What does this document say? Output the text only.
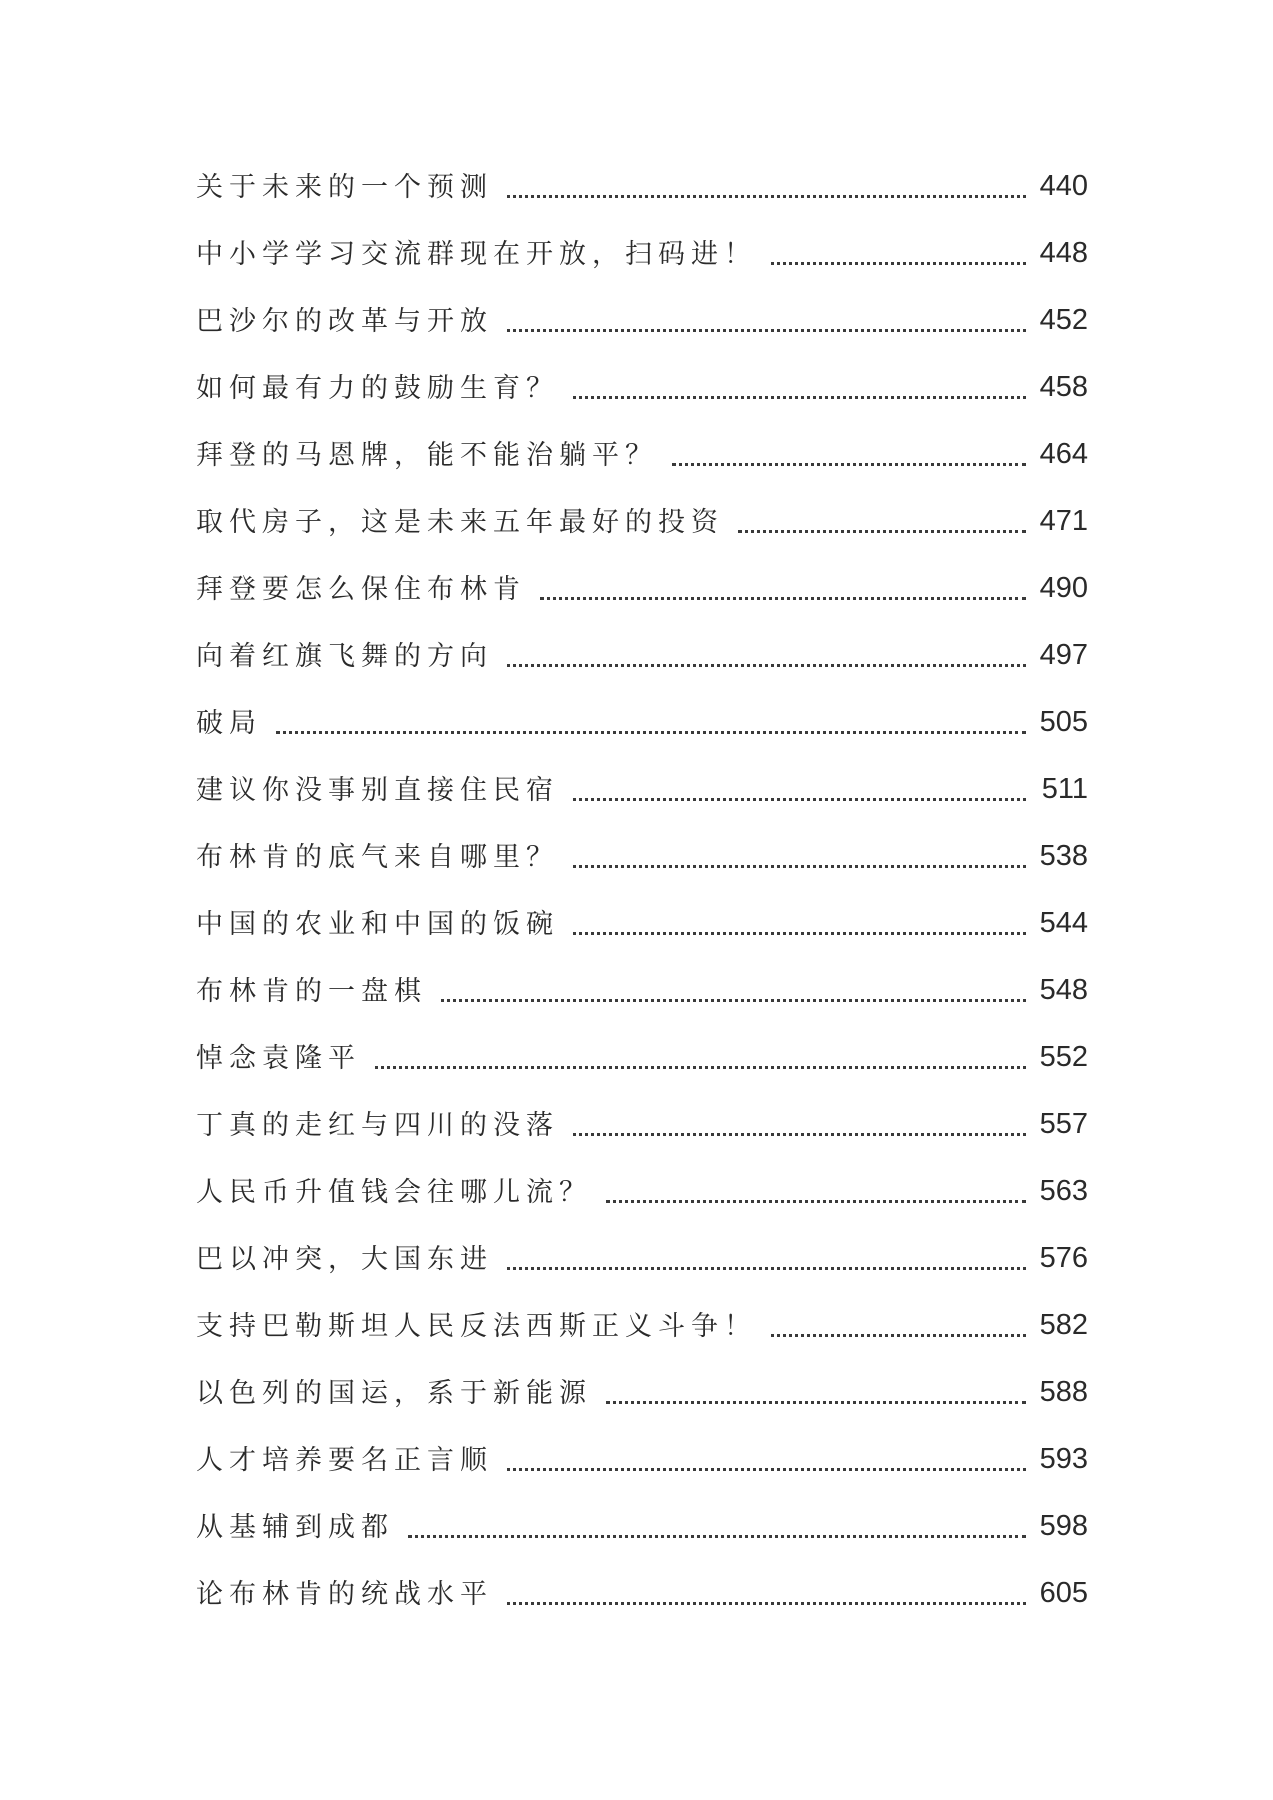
关于未来的一个预测	440
中小学学习交流群现在开放，扫码进！	448
巴沙尔的改革与开放	452
如何最有力的鼓励生育？	458
拜登的马恩牌，能不能治躺平？	464
取代房子，这是未来五年最好的投资	471
拜登要怎么保住布林肯	490
向着红旗飞舞的方向	497
破局	505
建议你没事别直接住民宿	511
布林肯的底气来自哪里？	538
中国的农业和中国的饭碗	544
布林肯的一盘棋	548
悼念袁隆平	552
丁真的走红与四川的没落	557
人民币升值钱会往哪儿流？	563
巴以冲突，大国东进	576
支持巴勒斯坦人民反法西斯正义斗争！	582
以色列的国运，系于新能源	588
人才培养要名正言顺	593
从基辅到成都	598
论布林肯的统战水平	605
